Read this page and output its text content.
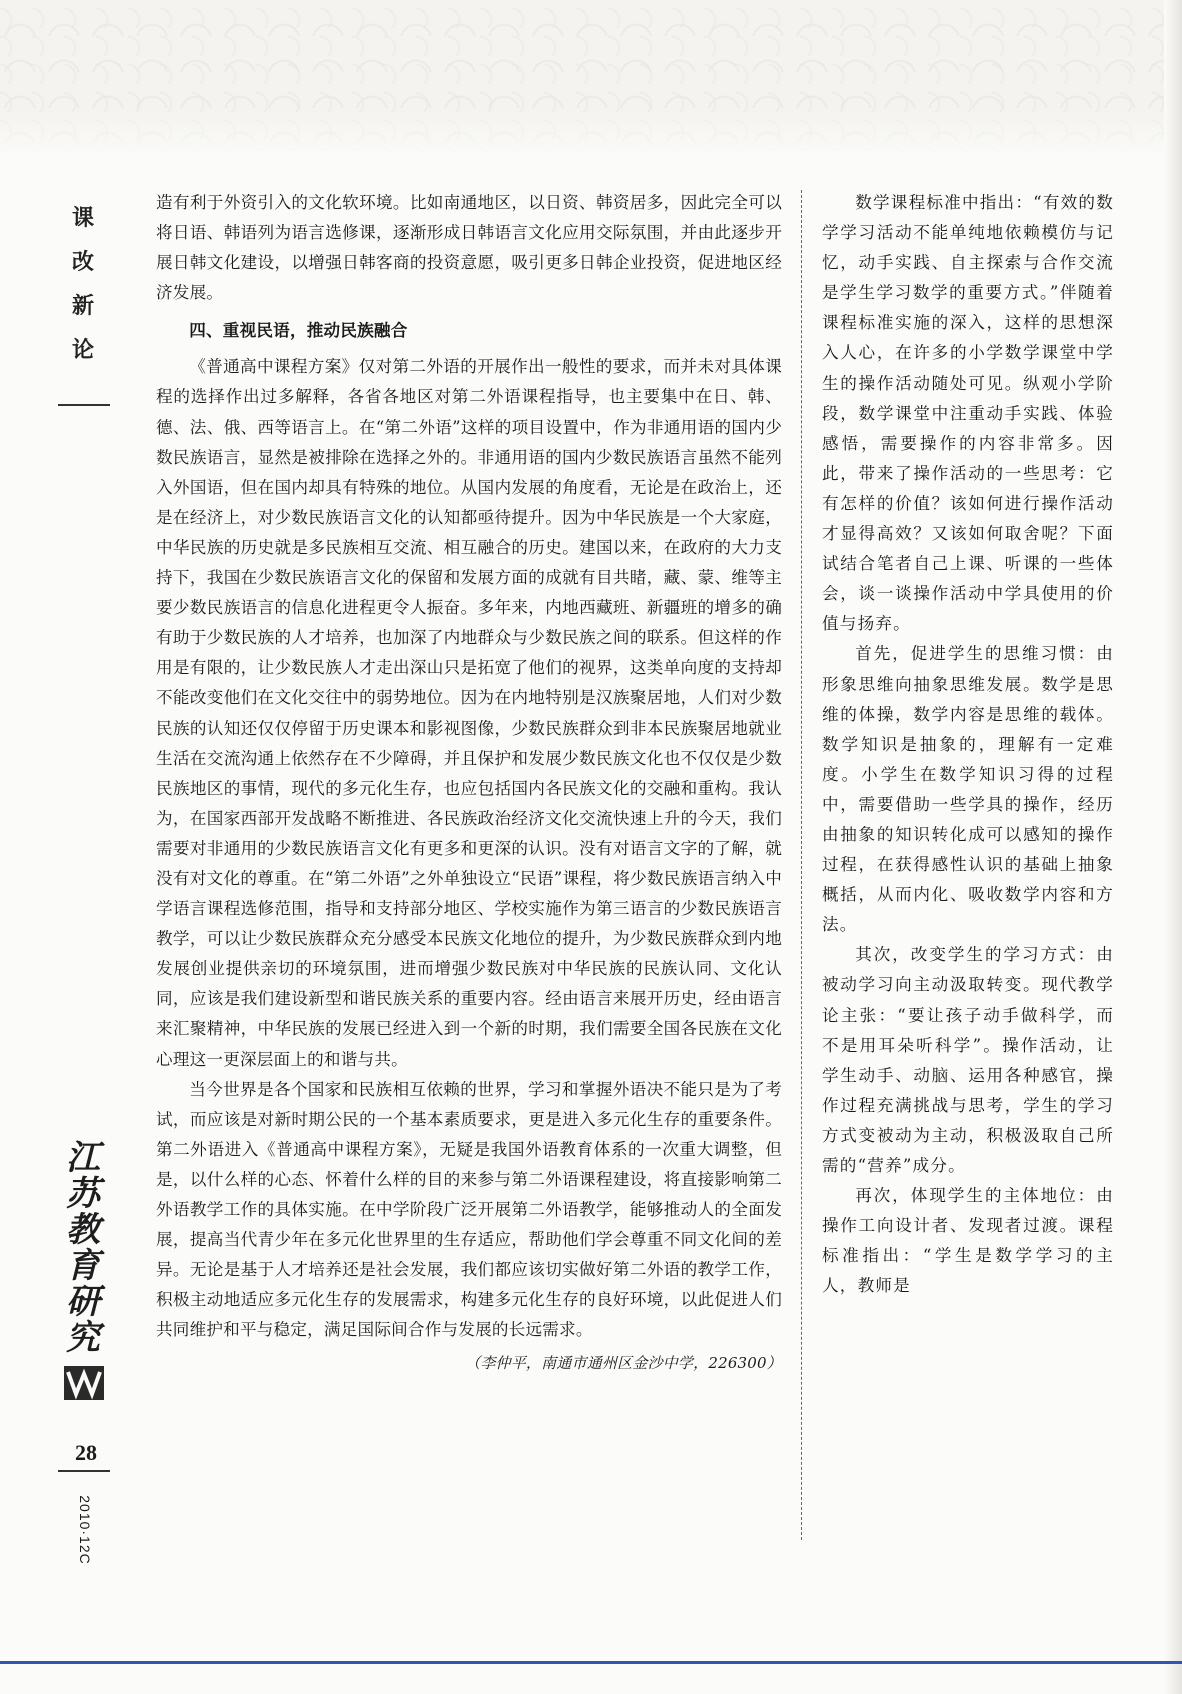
课
改
新
论
江
苏
教
育
研
究
28
2010·12C

造有利于外资引入的文化软环境。比如南通地区，以日资、韩资居多，因此完全可以将日语、韩语列为语言选修课，逐渐形成日韩语言文化应用交际氛围，并由此逐步开展日韩文化建设，以增强日韩客商的投资意愿，吸引更多日韩企业投资，促进地区经济发展。

四、重视民语，推动民族融合

《普通高中课程方案》仅对第二外语的开展作出一般性的要求，而并未对具体课程的选择作出过多解释，各省各地区对第二外语课程指导，也主要集中在日、韩、德、法、俄、西等语言上。在“第二外语”这样的项目设置中，作为非通用语的国内少数民族语言，显然是被排除在选择之外的。非通用语的国内少数民族语言虽然不能列入外国语，但在国内却具有特殊的地位。从国内发展的角度看，无论是在政治上，还是在经济上，对少数民族语言文化的认知都亟待提升。因为中华民族是一个大家庭，中华民族的历史就是多民族相互交流、相互融合的历史。建国以来，在政府的大力支持下，我国在少数民族语言文化的保留和发展方面的成就有目共睹，藏、蒙、维等主要少数民族语言的信息化进程更令人振奋。多年来，内地西藏班、新疆班的增多的确有助于少数民族的人才培养，也加深了内地群众与少数民族之间的联系。但这样的作用是有限的，让少数民族人才走出深山只是拓宽了他们的视界，这类单向度的支持却不能改变他们在文化交往中的弱势地位。因为在内地特别是汉族聚居地，人们对少数民族的认知还仅仅停留于历史课本和影视图像，少数民族群众到非本民族聚居地就业生活在交流沟通上依然存在不少障碍，并且保护和发展少数民族文化也不仅仅是少数民族地区的事情，现代的多元化生存，也应包括国内各民族文化的交融和重构。我认为，在国家西部开发战略不断推进、各民族政治经济文化交流快速上升的今天，我们需要对非通用的少数民族语言文化有更多和更深的认识。没有对语言文字的了解，就没有对文化的尊重。在“第二外语”之外单独设立“民语”课程，将少数民族语言纳入中学语言课程选修范围，指导和支持部分地区、学校实施作为第三语言的少数民族语言教学，可以让少数民族群众充分感受本民族文化地位的提升，为少数民族群众到内地发展创业提供亲切的环境氛围，进而增强少数民族对中华民族的民族认同、文化认同，应该是我们建设新型和谐民族关系的重要内容。经由语言来展开历史，经由语言来汇聚精神，中华民族的发展已经进入到一个新的时期，我们需要全国各民族在文化心理这一更深层面上的和谐与共。

当今世界是各个国家和民族相互依赖的世界，学习和掌握外语决不能只是为了考试，而应该是对新时期公民的一个基本素质要求，更是进入多元化生存的重要条件。第二外语进入《普通高中课程方案》，无疑是我国外语教育体系的一次重大调整，但是，以什么样的心态、怀着什么样的目的来参与第二外语课程建设，将直接影响第二外语教学工作的具体实施。在中学阶段广泛开展第二外语教学，能够推动人的全面发展，提高当代青少年在多元化世界里的生存适应，帮助他们学会尊重不同文化间的差异。无论是基于人才培养还是社会发展，我们都应该切实做好第二外语的教学工作，积极主动地适应多元化生存的发展需求，构建多元化生存的良好环境，以此促进人们共同维护和平与稳定，满足国际间合作与发展的长远需求。

（李仲平，南通市通州区金沙中学，226300）

数学课程标准中指出：“有效的数学学习活动不能单纯地依赖模仿与记忆，动手实践、自主探索与合作交流是学生学习数学的重要方式。”伴随着课程标准实施的深入，这样的思想深入人心，在许多的小学数学课堂中学生的操作活动随处可见。纵观小学阶段，数学课堂中注重动手实践、体验感悟，需要操作的内容非常多。因此，带来了操作活动的一些思考：它有怎样的价值？该如何进行操作活动才显得高效？又该如何取舍呢？下面试结合笔者自己上课、听课的一些体会，谈一谈操作活动中学具使用的价值与扬弃。

首先，促进学生的思维习惯：由形象思维向抽象思维发展。数学是思维的体操，数学内容是思维的载体。数学知识是抽象的，理解有一定难度。小学生在数学知识习得的过程中，需要借助一些学具的操作，经历由抽象的知识转化成可以感知的操作过程，在获得感性认识的基础上抽象概括，从而内化、吸收数学内容和方法。

其次，改变学生的学习方式：由被动学习向主动汲取转变。现代教学论主张：“要让孩子动手做科学，而不是用耳朵听科学”。操作活动，让学生动手、动脑、运用各种感官，操作过程充满挑战与思考，学生的学习方式变被动为主动，积极汲取自己所需的“营养”成分。

再次，体现学生的主体地位：由操作工向设计者、发现者过渡。课程标准指出：“学生是数学学习的主人，教师是
